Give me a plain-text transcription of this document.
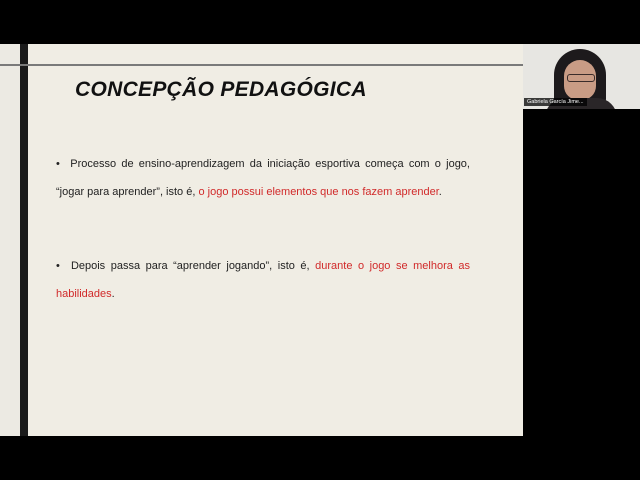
CONCEPÇÃO PEDAGÓGICA
• Processo de ensino-aprendizagem da iniciação esportiva começa com o jogo, “jogar para aprender”, isto é, o jogo possui elementos que nos fazem aprender.
• Depois passa para “aprender jogando”, isto é, durante o jogo se melhora as habilidades.
Gabriela García Jime...
